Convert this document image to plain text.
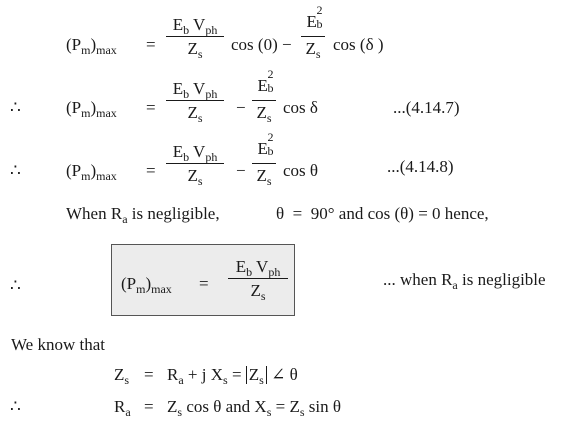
$(P_m)_{max}$ =
$E_b$ $V_{ph}$
$Z_s$	cos (0) −
E
2
b
$Z_s$ cos (δ )
∴	$(P_m)_{max}$ =
$E_b$ $V_{ph}$
$Z_s$
−
E
2
b
$Z_s$
cos δ	...(4.14.7)
∴	$(P_m)_{max}$ =
$E_b$ $V_{ph}$
$Z_s$
−
E
2
b
$Z_s$
cos θ	...(4.14.8)
When $R_a$ is negligible,	θ  =  90° and cos (θ) = 0 hence,
∴	$(P_m)_{max}$ =
$E_b$ $V_{ph}$
$Z_s$
... when $R_a$ is negligible
We know that
$Z_s = R_a + j$ $X_s = Z_s$ ∠ θ
∴	$R_a = Z_s$ cos θ and $X_s = Z_s$ sin θ
